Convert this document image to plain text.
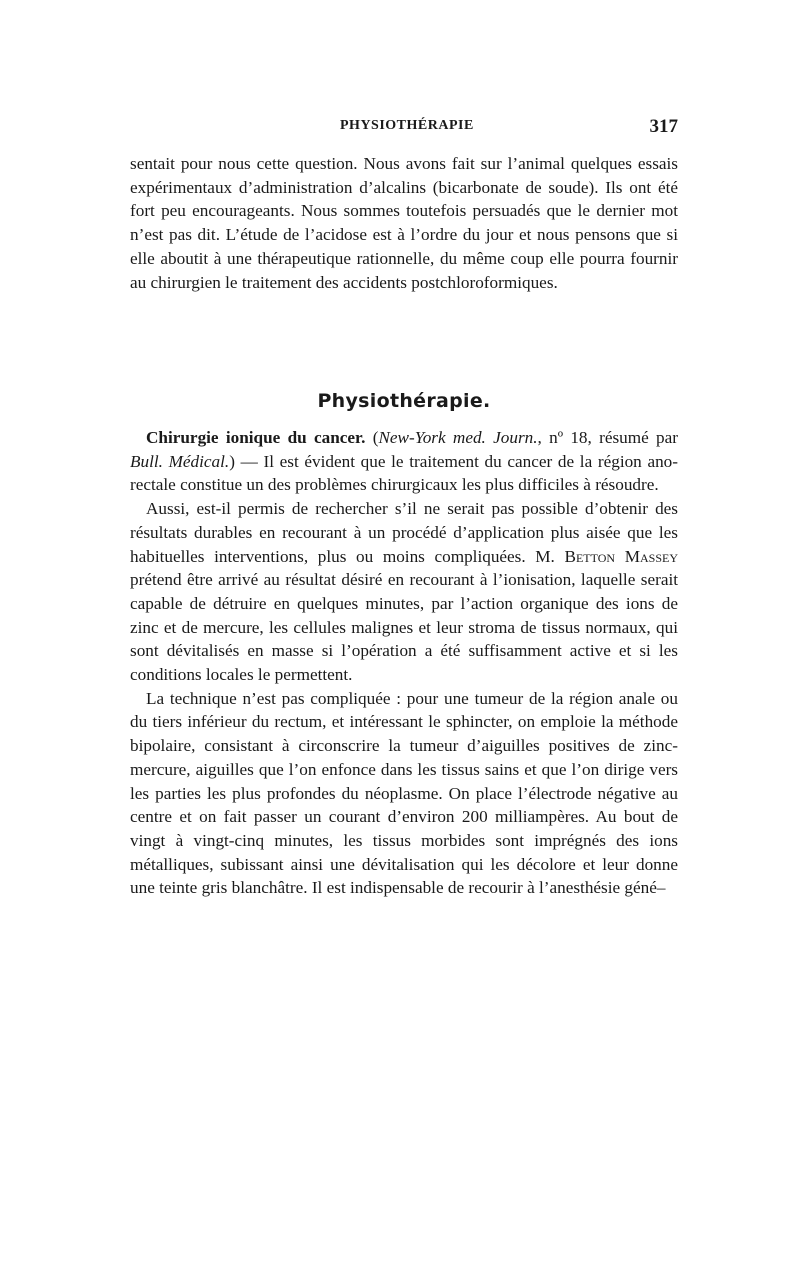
PHYSIOTHÉRAPIE	317

sentait pour nous cette question. Nous avons fait sur l’animal quelques essais expérimentaux d’administration d’alcalins (bicarbonate de soude). Ils ont été fort peu encourageants. Nous sommes toutefois persuadés que le dernier mot n’est pas dit. L’étude de l’acidose est à l’ordre du jour et nous pensons que si elle aboutit à une thérapeutique rationnelle, du même coup elle pourra fournir au chirurgien le traitement des accidents postchloroformiques.

Physiothérapie.

Chirurgie ionique du cancer. (New-York med. Journ., nº 18, résumé par Bull. Médical.) — Il est évident que le traitement du cancer de la région ano-rectale constitue un des problèmes chirurgicaux les plus difficiles à résoudre.

Aussi, est-il permis de rechercher s’il ne serait pas possible d’obtenir des résultats durables en recourant à un procédé d’application plus aisée que les habituelles interventions, plus ou moins compliquées. M. Betton Massey prétend être arrivé au résultat désiré en recourant à l’ionisation, laquelle serait capable de détruire en quelques minutes, par l’action organique des ions de zinc et de mercure, les cellules malignes et leur stroma de tissus normaux, qui sont dévitalisés en masse si l’opération a été suffisamment active et si les conditions locales le permettent.

La technique n’est pas compliquée : pour une tumeur de la région anale ou du tiers inférieur du rectum, et intéressant le sphincter, on emploie la méthode bipolaire, consistant à circonscrire la tumeur d’aiguilles positives de zinc-mercure, aiguilles que l’on enfonce dans les tissus sains et que l’on dirige vers les parties les plus profondes du néoplasme. On place l’électrode négative au centre et on fait passer un courant d’environ 200 milliampères. Au bout de vingt à vingt-cinq minutes, les tissus morbides sont imprégnés des ions métalliques, subissant ainsi une dévitalisation qui les décolore et leur donne une teinte gris blanchâtre. Il est indispensable de recourir à l’anesthésie géné–
